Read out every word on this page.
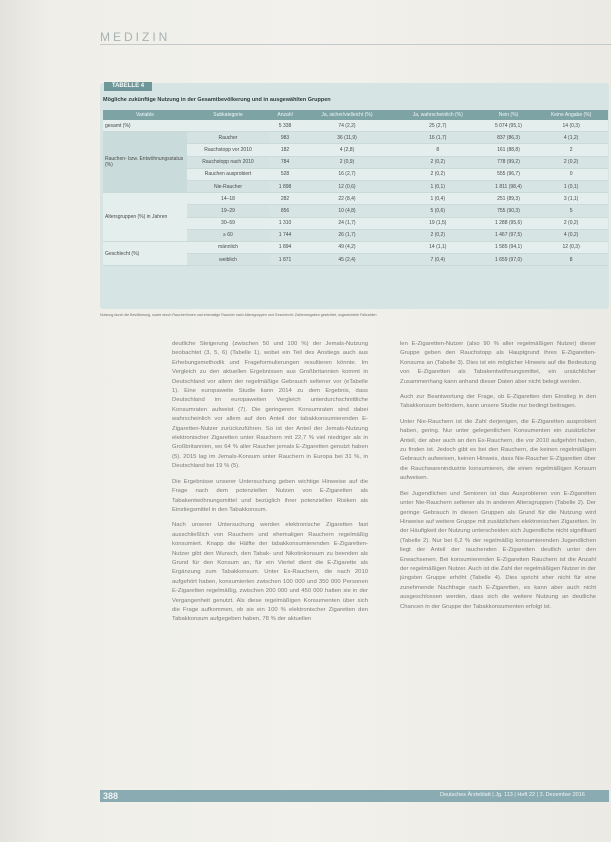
MEDIZIN
TABELLE 4
Mögliche zukünftige Nutzung in der Gesamtbevölkerung und in ausgewählten Gruppen
Variable	Subkategorie	Anzahl	Ja, sicher/vielleicht (%)	Ja, wahrscheinlich (%)	Nein (%)	Keine Angabe (%)
gesamt (%)		5 338	74 (2,2)	25 (2,7)	5 074 (95,1)	14 (0,3)
Rauchen- bzw. Entwöhnungsstatus (%)	Raucher	983	36 (11,9)	16 (1,7)	837 (86,3)	4 (1,2)
	Rauchstopp vor 2010	182	4 (2,8)	8	161 (88,8)	2
	Rauchstopp nach 2010	784	2 (0,9)	2 (0,2)	778 (99,2)	2 (0,2)
	Rauchen ausprobiert	528	16 (2,7)	2 (0,2)	555 (96,7)	0
	Nie-Raucher	1 898	12 (0,6)	1 (0,1)	1 811 (98,4)	1 (0,1)
Altersgruppen (%) in Jahren	14–18	282	22 (8,4)	1 (0,4)	251 (89,3)	3 (1,1)
	19–29	856	10 (4,8)	5 (0,6)	755 (90,3)	5
	30–59	1 310	24 (1,7)	19 (1,5)	1 288 (95,6)	2 (0,2)
	≥ 60	1 744	26 (1,7)	2 (0,2)	1 467 (97,5)	4 (0,2)
Geschlecht (%)	männlich	1 894	49 (4,2)	14 (1,1)	1 585 (94,1)	12 (0,3)
	weiblich	1 871	45 (2,4)	7 (0,4)	1 659 (97,0)	8
Nutzung durch die Bevölkerung, sowie durch Raucher/innen und ehemalige Raucher nach Altersgruppen und Geschlecht; Zahlenangaben gewichtet, ungewichtete Fallzahlen

deutliche Steigerung (zwischen 50 und 100 %) der Jemals-Nutzung beobachtet (3, 5, 6) (Tabelle 1), wobei ein Teil des Anstiegs auch aus Erhebungsmethodik und Frageformulierungen resultieren könnte. Im Vergleich zu den aktuellen Ergebnissen aus Großbritannien kommt in Deutschland vor allem der regelmäßige Gebrauch seltener vor (eTabelle 1). Eine europaweite Studie kann 2014 zu dem Ergebnis, dass Deutschland im europaweiten Vergleich unterdurchschnittliche Konsumraten aufweist (7). Die geringeren Konsumraten sind dabei wahrscheinlich vor allem auf den Anteil der tabakkonsumierenden E-Zigaretten-Nutzer zurückzuführen. So ist der Anteil der Jemals-Nutzung elektronischer Zigaretten unter Rauchern mit 22,7 % viel niedriger als in Großbritannien, wo 64 % aller Raucher jemals E-Zigaretten genutzt haben (5). 2015 lag im Jemals-Konsum unter Rauchern in Europa bei 31 %, in Deutschland bei 19 % (5).

Die Ergebnisse unserer Untersuchung geben wichtige Hinweise auf die Frage nach dem potenziellen Nutzen von E-Zigaretten als Tabakentwöhnungsmittel und bezüglich ihrer potenziellen Risiken als Einstiegsmittel in den Tabakkonsum.

Nach unserer Untersuchung werden elektronische Zigaretten fast ausschließlich von Rauchern und ehemaligen Rauchern regelmäßig konsumiert. Knapp die Hälfte der tabakkonsumierenden E-Zigaretten-Nutzer gibt den Wunsch, den Tabak- und Nikotinkonsum zu beenden als Grund für den Konsum an, für ein Viertel dient die E-Zigarette als Ergänzung zum Tabakkonsum. Unter Ex-Rauchern, die nach 2010 aufgehört haben, konsumierten zwischen 100 000 und 350 000 Personen E-Zigaretten regelmäßig, zwischen 200 000 und 450 000 hatten sie in der Vergangenheit genutzt. Als diese regelmäßigen Konsumenten über sich die Frage aufkommen, ob sie ein 100 % elektronischer Zigaretten den Tabakkonsum aufgegeben haben, 78 % der aktuellen

len E-Zigaretten-Nutzer (also 90 % aller regelmäßigen Nutzer) dieser Gruppe geben den Rauchstopp als Hauptgrund ihres E-Zigaretten-Konsums an (Tabelle 3). Dies ist ein möglicher Hinweis auf die Bedeutung von E-Zigaretten als Tabakentwöhnungsmittel, ein ursächlicher Zusammenhang kann anhand dieser Daten aber nicht belegt werden.

Auch zur Beantwortung der Frage, ob E-Zigaretten den Einstieg in den Tabakkonsum befördern, kann unsere Studie nur bedingt beitragen.

Unter Nie-Rauchern ist die Zahl derjenigen, die E-Zigaretten ausprobiert haben, gering. Nur unter gelegentlichen Konsumenten ein zusätzlicher Anteil, der aber auch an den Ex-Rauchern, die vor 2010 aufgehört haben, zu finden ist. Jedoch gibt es bei den Rauchern, die keinen regelmäßigen Gebrauch aufweisen, keinen Hinweis, dass Nie-Raucher E-Zigaretten über die Rauchwarenindustrie konsumieren, die einen regelmäßigen Konsum aufweisen.

Bei Jugendlichen und Senioren ist das Ausprobieren von E-Zigaretten unter Nie-Rauchern seltener als in anderen Altersgruppen (Tabelle 2). Der geringe Gebrauch in diesen Gruppen als Grund für die Nutzung wird Hinweise auf weitere Gruppe mit zusätzlichen elektronischen Zigaretten. In der Häufigkeit der Nutzung unterscheiden sich Jugendliche nicht signifikant (Tabelle 2). Nur bei 6,2 % der regelmäßig konsumierenden Jugendlichen liegt der Anteil der rauchenden E-Zigaretten deutlich unter den Erwachsenen. Bei konsumierenden E-Zigaretten Rauchern ist die Anzahl der regelmäßigen Nutzer. Auch ist die Zahl der regelmäßigen Nutzer in der jüngsten Gruppe erhöht (Tabelle 4). Dies spricht eher nicht für eine zunehmende Nachfrage nach E-Zigaretten, es kann aber auch nicht ausgeschlossen werden, dass sich die weitere Nutzung an deutliche Chancen in der Gruppe der Tabakkonsumenten erfolgt ist.

388	Deutsches Ärzteblatt | Jg. 113 | Heft 22 | 3. Dezember 2016
